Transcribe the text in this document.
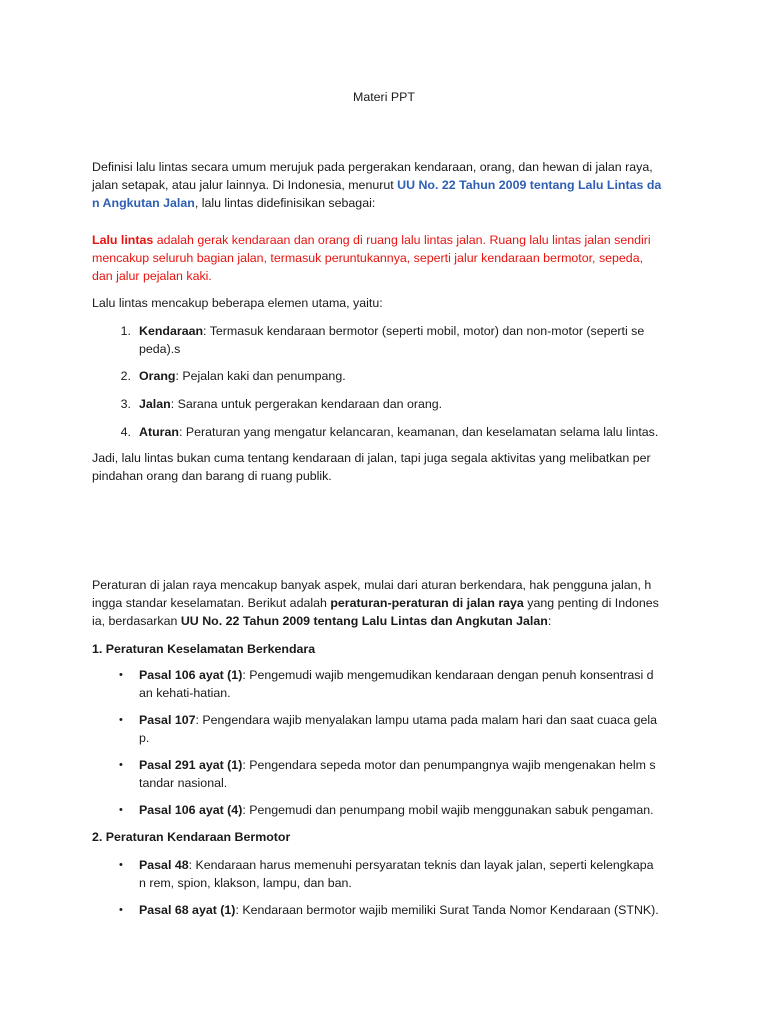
Materi PPT

Definisi lalu lintas secara umum merujuk pada pergerakan kendaraan, orang, dan hewan di jalan raya,

jalan setapak, atau jalur lainnya. Di Indonesia, menurut UU No. 22 Tahun 2009 tentang Lalu Lintas da

n Angkutan Jalan, lalu lintas didefinisikan sebagai:

Lalu lintas adalah gerak kendaraan dan orang di ruang lalu lintas jalan. Ruang lalu lintas jalan sendiri

mencakup seluruh bagian jalan, termasuk peruntukannya, seperti jalur kendaraan bermotor, sepeda,

dan jalur pejalan kaki.

Lalu lintas mencakup beberapa elemen utama, yaitu:
1. Kendaraan: Termasuk kendaraan bermotor (seperti mobil, motor) dan non-motor (seperti se

peda).s

2. Orang: Pejalan kaki dan penumpang.

3. Jalan: Sarana untuk pergerakan kendaraan dan orang.

4. Aturan: Peraturan yang mengatur kelancaran, keamanan, dan keselamatan selama lalu lintas.

Jadi, lalu lintas bukan cuma tentang kendaraan di jalan, tapi juga segala aktivitas yang melibatkan per

pindahan orang dan barang di ruang publik.

Peraturan di jalan raya mencakup banyak aspek, mulai dari aturan berkendara, hak pengguna jalan, h

ingga standar keselamatan. Berikut adalah peraturan-peraturan di jalan raya yang penting di Indones

ia, berdasarkan UU No. 22 Tahun 2009 tentang Lalu Lintas dan Angkutan Jalan:

1. Peraturan Keselamatan Berkendara
• Pasal 106 ayat (1): Pengemudi wajib mengemudikan kendaraan dengan penuh konsentrasi d

an kehati-hatian.

• Pasal 107: Pengendara wajib menyalakan lampu utama pada malam hari dan saat cuaca gela

p.

• Pasal 291 ayat (1): Pengendara sepeda motor dan penumpangnya wajib mengenakan helm s

tandar nasional.

• Pasal 106 ayat (4): Pengemudi dan penumpang mobil wajib menggunakan sabuk pengaman.

2. Peraturan Kendaraan Bermotor
• Pasal 48: Kendaraan harus memenuhi persyaratan teknis dan layak jalan, seperti kelengkapa

n rem, spion, klakson, lampu, dan ban.

• Pasal 68 ayat (1): Kendaraan bermotor wajib memiliki Surat Tanda Nomor Kendaraan (STNK).
